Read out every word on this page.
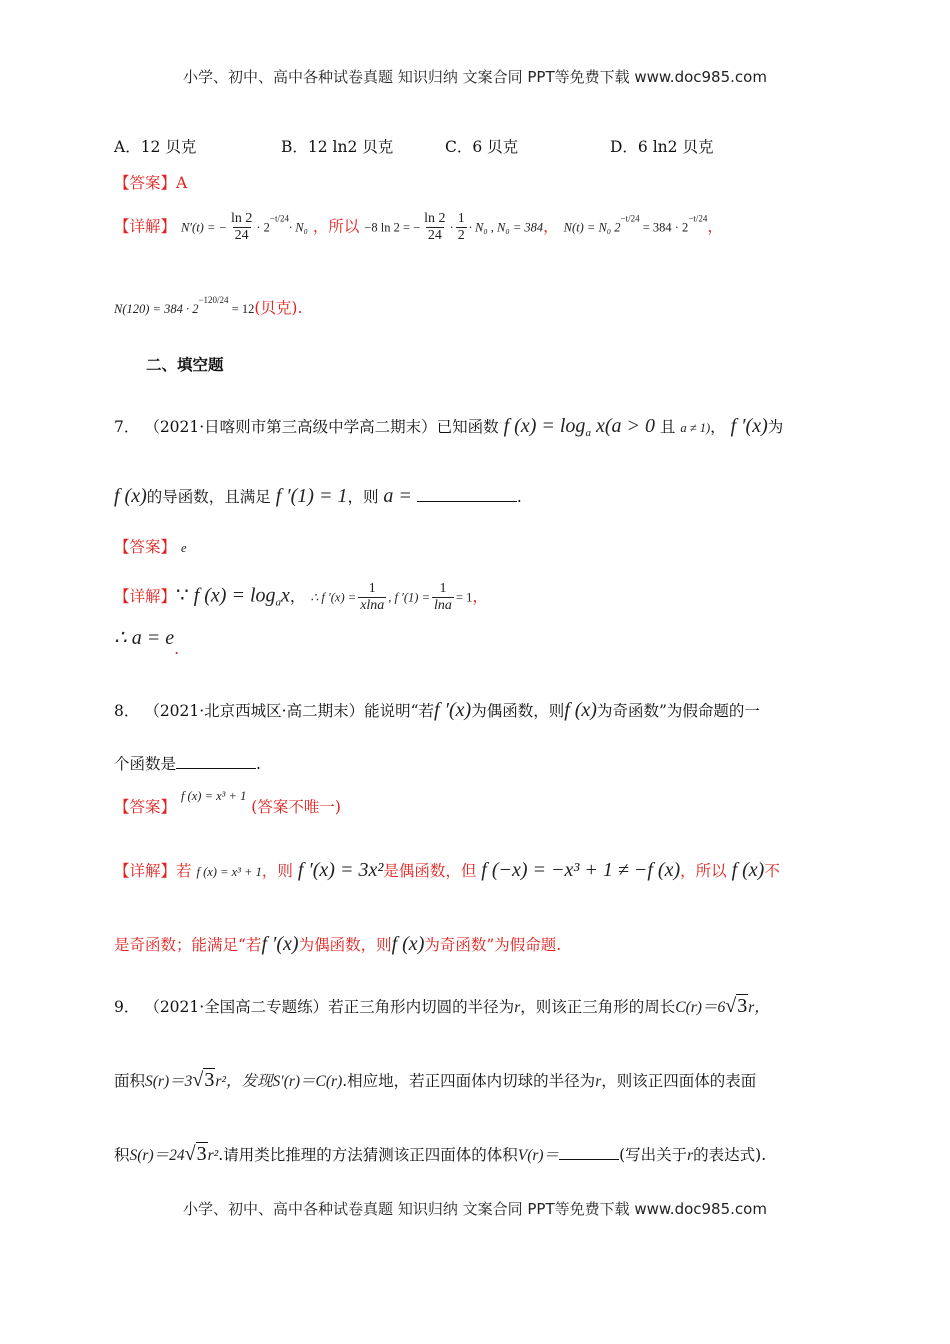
小学、初中、高中各种试卷真题 知识归纳 文案合同 PPT等免费下载 www.doc985.com
A．12 贝克	B．12 ln2 贝克	C．6 贝克	D．6 ln2 贝克
【答案】A
【详解】 N′(t) = − $\frac{\ln 2}{24} \cdot 2^{-t/24}\cdot N_0$ ，所以 −8 ln 2 = − $\frac{\ln 2}{24} \cdot \frac{1}{2} \cdot N_0$ , N₀ = 384， N(t) = N₀ $2^{-t/24} = 384 \cdot 2^{-t/24}$，
$N(120) = 384 \cdot 2^{-120/24} = 12$(贝克).
二、填空题
7． （2021·日喀则市第三高级中学高二期末）已知函数 f $(x) = \log_a x(a > 0$ 且 a ≠ 1)， f ′(x)为
f (x)的导函数，且满足 f ′(1) = 1，则 a =	.
【答案】 e
【详解】∵ f $(x) = \log_ax$， ∴ f $'(x) = \frac{1}{xlna}$ , f $'(1) = \frac{1}{\ln a} = 1$，
∴ a = e.
8． （2021·北京西城区·高二期末）能说明“若f ′(x)为偶函数，则f (x)为奇函数”为假命题的一
个函数是	.
【答案】 $^{f (x) = x^3 + 1}$ (答案不唯一)
【详解】若 f (x) = x³ + 1，则 f ′(x) = 3x²是偶函数，但 f (−x) = −x³ + 1 ≠ −f (x)，所以 f (x)不
是奇函数；能满足“若f ′(x)为偶函数，则f (x)为奇函数”为假命题.
9． （2021·全国高二专题练）若正三角形内切圆的半径为r，则该正三角形的周长C(r)＝6√3r，
面积S(r)＝3√3r²，发现S′(r)＝C(r).相应地，若正四面体内切球的半径为r，则该正四面体的表面
积S(r)＝24√3r².请用类比推理的方法猜测该正四面体的体积V(r)＝	(写出关于r的表达式).
小学、初中、高中各种试卷真题 知识归纳 文案合同 PPT等免费下载 www.doc985.com
